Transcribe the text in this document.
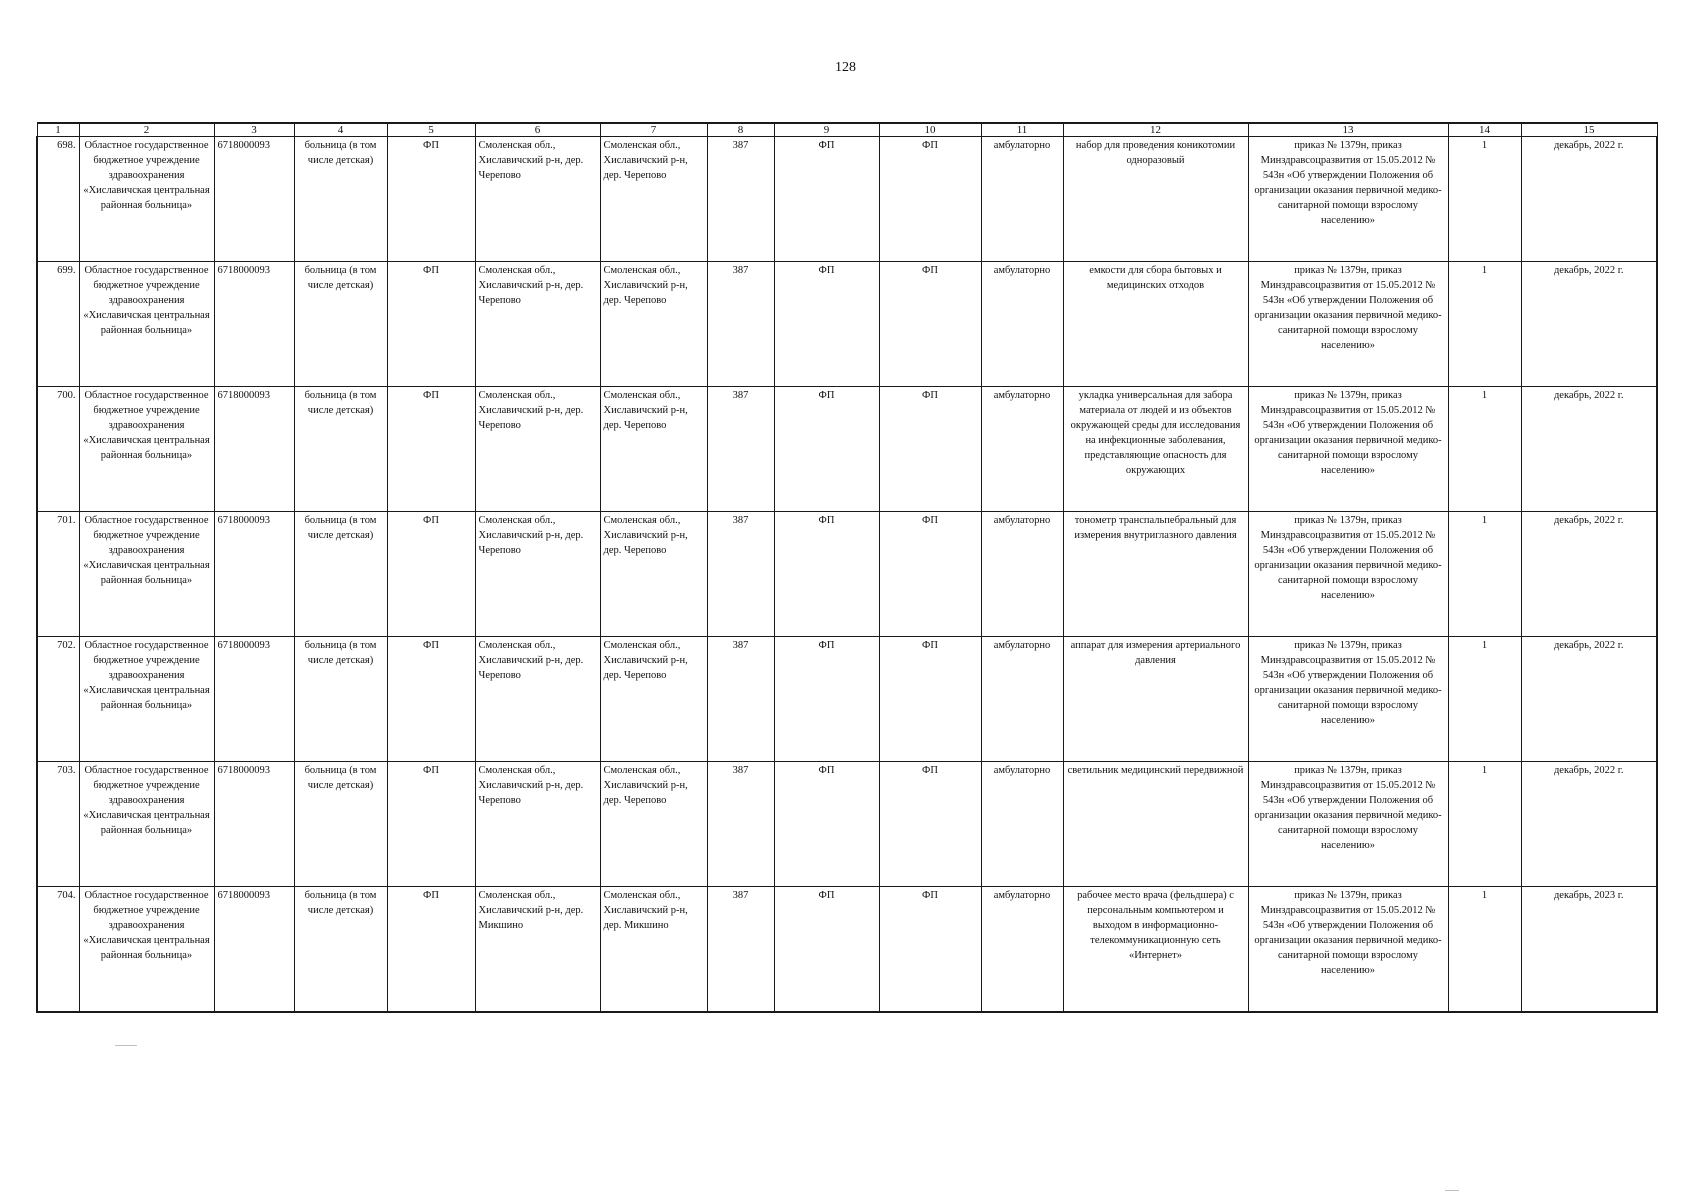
128
1	2	3	4	5	6	7	8	9	10	11	12	13	14	15
698.	Областное государственное бюджетное учреждение здравоохранения «Хиславичская центральная районная больница»	6718000093	больница (в том числе детская)	ФП	Смоленская обл., Хиславичский р-н, дер. Черепово	Смоленская обл., Хиславичский р-н, дер. Черепово	387	ФП	ФП	амбулаторно	набор для проведения коникотомии одноразовый	приказ № 1379н, приказ Минздравсоцразвития от 15.05.2012 № 543н «Об утверждении Положения об организации оказания первичной медико-санитарной помощи взрослому населению»	1	декабрь, 2022 г.
699.	Областное государственное бюджетное учреждение здравоохранения «Хиславичская центральная районная больница»	6718000093	больница (в том числе детская)	ФП	Смоленская обл., Хиславичский р-н, дер. Черепово	Смоленская обл., Хиславичский р-н, дер. Черепово	387	ФП	ФП	амбулаторно	емкости для сбора бытовых и медицинских отходов	приказ № 1379н, приказ Минздравсоцразвития от 15.05.2012 № 543н «Об утверждении Положения об организации оказания первичной медико-санитарной помощи взрослому населению»	1	декабрь, 2022 г.
700.	Областное государственное бюджетное учреждение здравоохранения «Хиславичская центральная районная больница»	6718000093	больница (в том числе детская)	ФП	Смоленская обл., Хиславичский р-н, дер. Черепово	Смоленская обл., Хиславичский р-н, дер. Черепово	387	ФП	ФП	амбулаторно	укладка универсальная для забора материала от людей и из объектов окружающей среды для исследования на инфекционные заболевания, представляющие опасность для окружающих	приказ № 1379н, приказ Минздравсоцразвития от 15.05.2012 № 543н «Об утверждении Положения об организации оказания первичной медико-санитарной помощи взрослому населению»	1	декабрь, 2022 г.
701.	Областное государственное бюджетное учреждение здравоохранения «Хиславичская центральная районная больница»	6718000093	больница (в том числе детская)	ФП	Смоленская обл., Хиславичский р-н, дер. Черепово	Смоленская обл., Хиславичский р-н, дер. Черепово	387	ФП	ФП	амбулаторно	тонометр транспальпебральный для измерения внутриглазного давления	приказ № 1379н, приказ Минздравсоцразвития от 15.05.2012 № 543н «Об утверждении Положения об организации оказания первичной медико-санитарной помощи взрослому населению»	1	декабрь, 2022 г.
702.	Областное государственное бюджетное учреждение здравоохранения «Хиславичская центральная районная больница»	6718000093	больница (в том числе детская)	ФП	Смоленская обл., Хиславичский р-н, дер. Черепово	Смоленская обл., Хиславичский р-н, дер. Черепово	387	ФП	ФП	амбулаторно	аппарат для измерения артериального давления	приказ № 1379н, приказ Минздравсоцразвития от 15.05.2012 № 543н «Об утверждении Положения об организации оказания первичной медико-санитарной помощи взрослому населению»	1	декабрь, 2022 г.
703.	Областное государственное бюджетное учреждение здравоохранения «Хиславичская центральная районная больница»	6718000093	больница (в том числе детская)	ФП	Смоленская обл., Хиславичский р-н, дер. Черепово	Смоленская обл., Хиславичский р-н, дер. Черепово	387	ФП	ФП	амбулаторно	светильник медицинский передвижной	приказ № 1379н, приказ Минздравсоцразвития от 15.05.2012 № 543н «Об утверждении Положения об организации оказания первичной медико-санитарной помощи взрослому населению»	1	декабрь, 2022 г.
704.	Областное государственное бюджетное учреждение здравоохранения «Хиславичская центральная районная больница»	6718000093	больница (в том числе детская)	ФП	Смоленская обл., Хиславичский р-н, дер. Микшино	Смоленская обл., Хиславичский р-н, дер. Микшино	387	ФП	ФП	амбулаторно	рабочее место врача (фельдшера) с персональным компьютером и выходом в информационно-телекоммуникационную сеть «Интернет»	приказ № 1379н, приказ Минздравсоцразвития от 15.05.2012 № 543н «Об утверждении Положения об организации оказания первичной медико-санитарной помощи взрослому населению»	1	декабрь, 2023 г.
